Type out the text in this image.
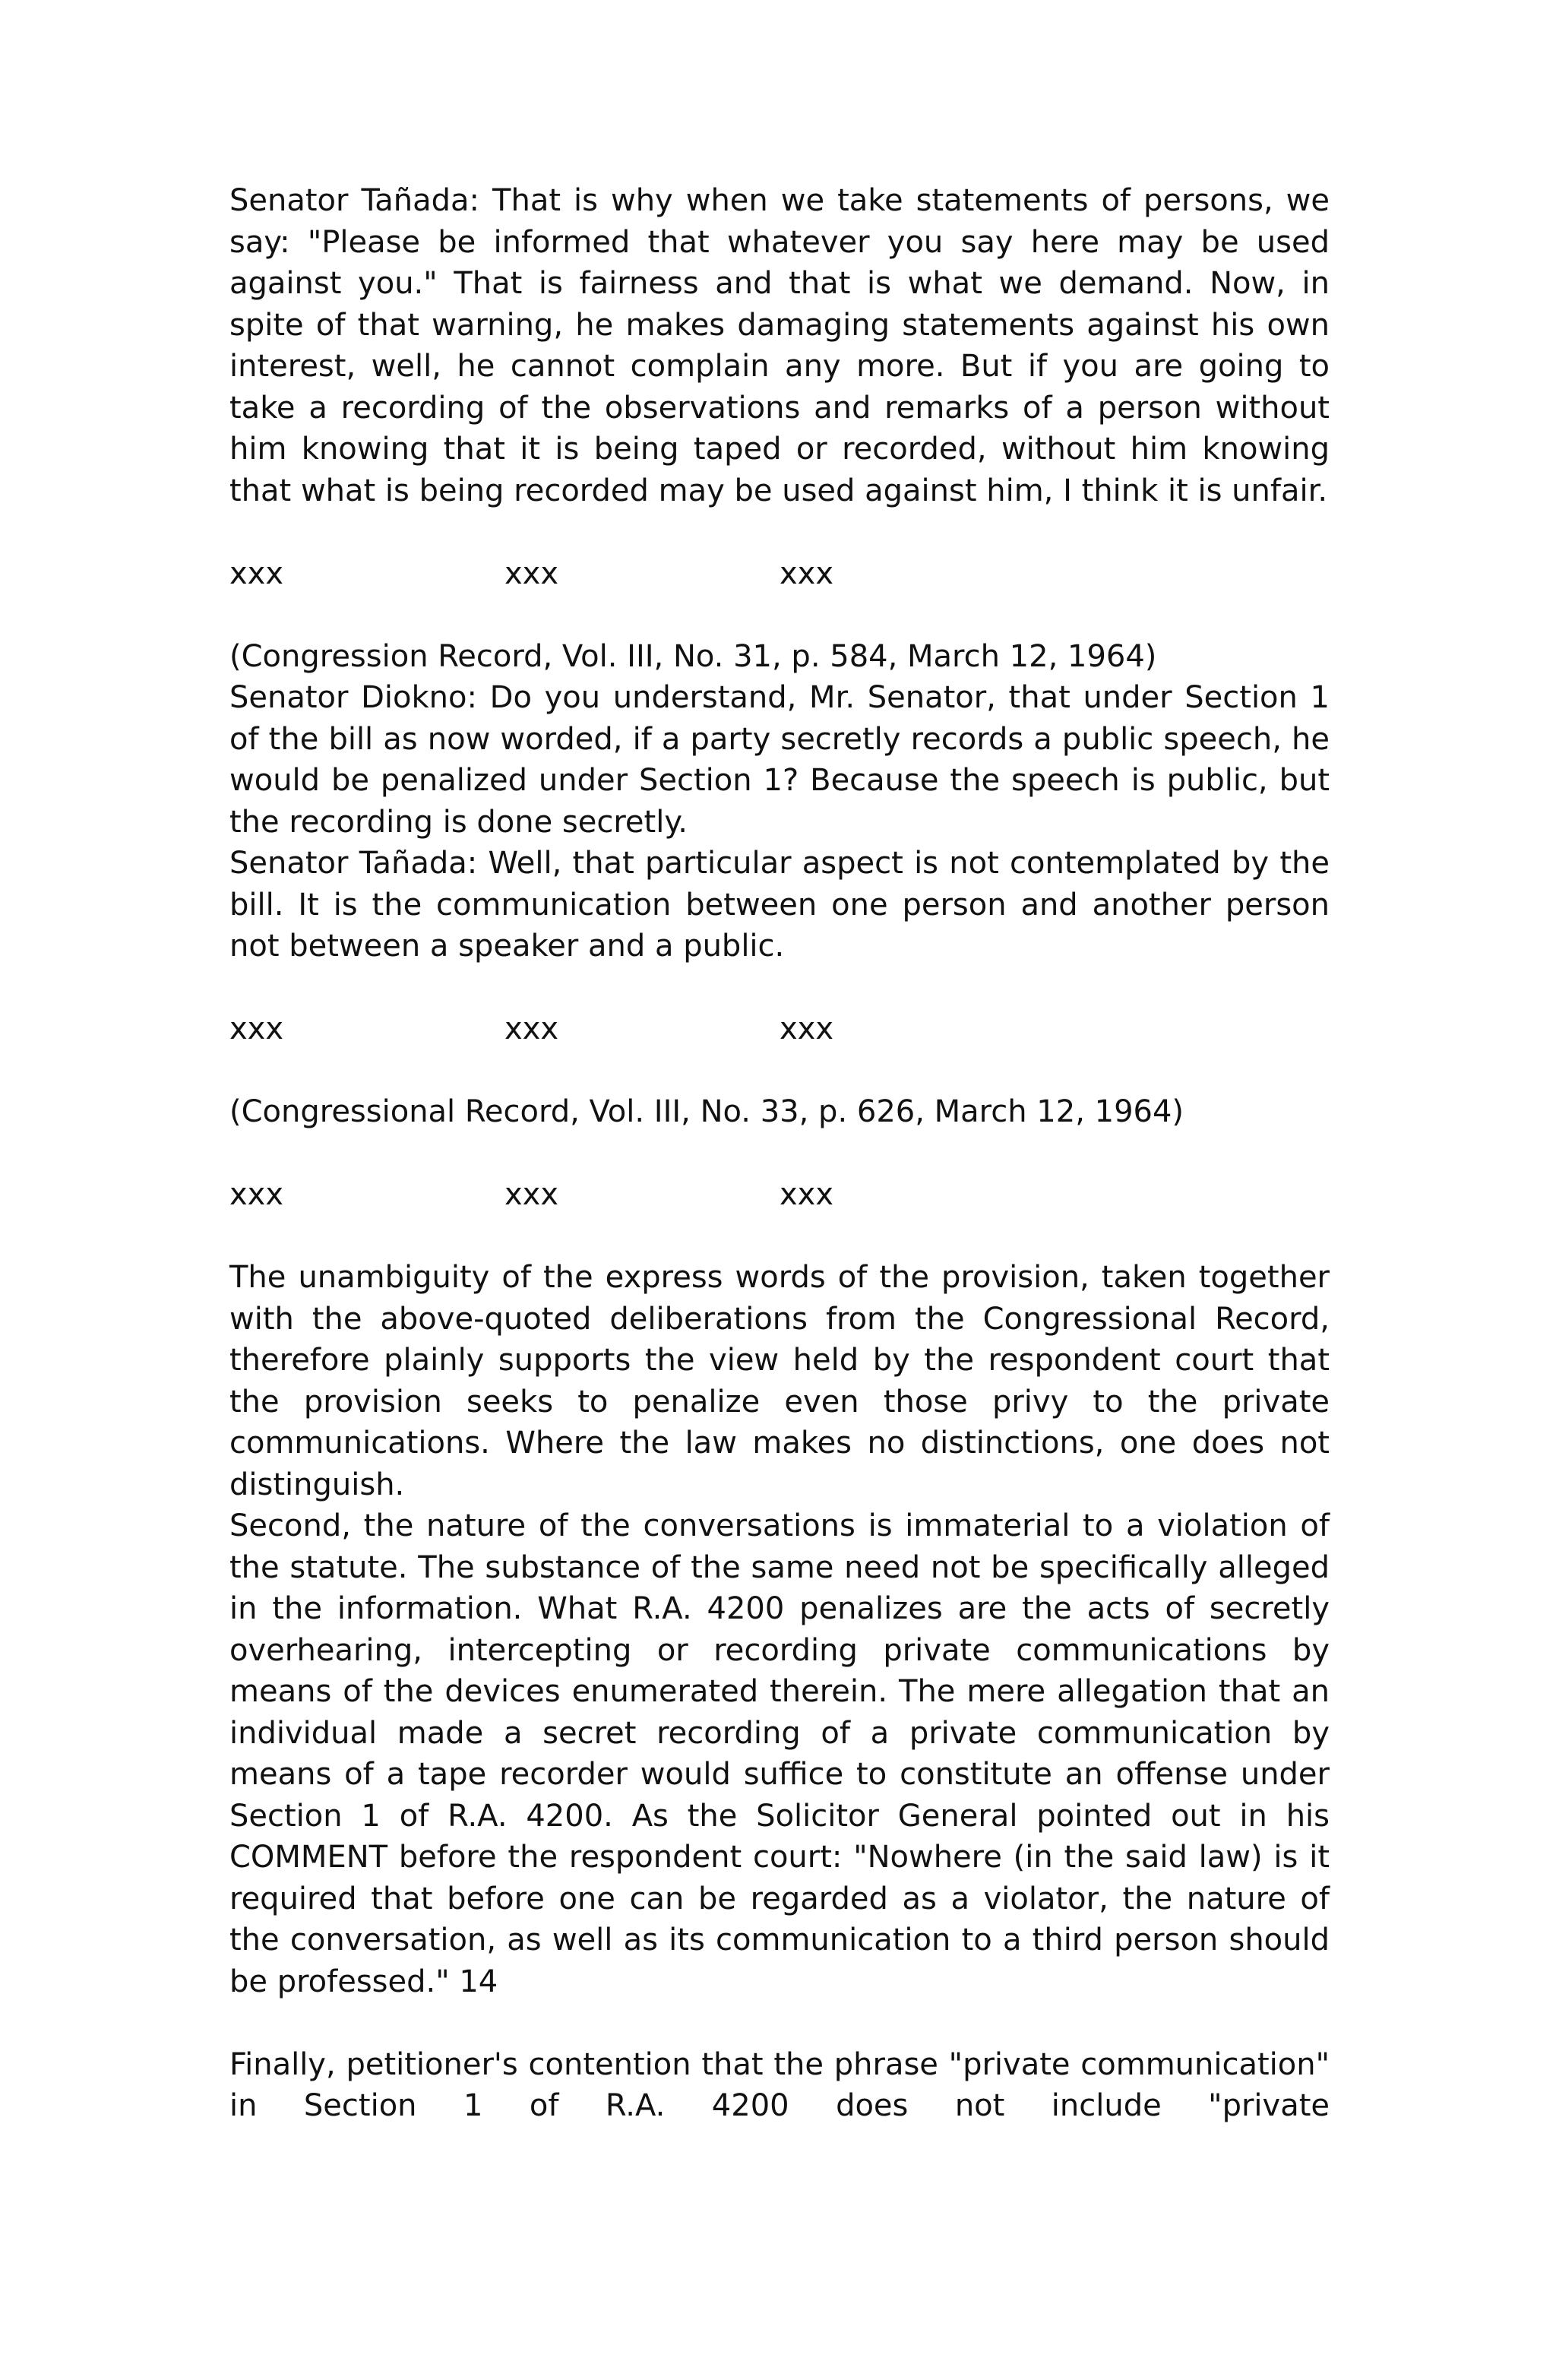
Senator Tañada: That is why when we take statements of persons, we say: "Please be informed that whatever you say here may be used against you." That is fairness and that is what we demand. Now, in spite of that warning, he makes damaging statements against his own interest, well, he cannot complain any more. But if you are going to take a recording of the observations and remarks of a person without him knowing that it is being taped or recorded, without him knowing that what is being recorded may be used against him, I think it is unfair.

xxx	xxx	xxx

(Congression Record, Vol. III, No. 31, p. 584, March 12, 1964)

Senator Diokno: Do you understand, Mr. Senator, that under Section 1 of the bill as now worded, if a party secretly records a public speech, he would be penalized under Section 1? Because the speech is public, but the recording is done secretly.

Senator Tañada: Well, that particular aspect is not contemplated by the bill. It is the communication between one person and another person not between a speaker and a public.

xxx	xxx	xxx

(Congressional Record, Vol. III, No. 33, p. 626, March 12, 1964)

xxx	xxx	xxx

The unambiguity of the express words of the provision, taken together with the above-quoted deliberations from the Congressional Record, therefore plainly supports the view held by the respondent court that the provision seeks to penalize even those privy to the private communications. Where the law makes no distinctions, one does not distinguish.

Second, the nature of the conversations is immaterial to a violation of the statute. The substance of the same need not be specifically alleged in the information. What R.A. 4200 penalizes are the acts of secretly overhearing, intercepting or recording private communications by means of the devices enumerated therein. The mere allegation that an individual made a secret recording of a private communication by means of a tape recorder would suffice to constitute an offense under Section 1 of R.A. 4200. As the Solicitor General pointed out in his COMMENT before the respondent court: "Nowhere (in the said law) is it required that before one can be regarded as a violator, the nature of the conversation, as well as its communication to a third person should be professed." 14

Finally, petitioner's contention that the phrase "private communication" in Section 1 of R.A. 4200 does not include "private
